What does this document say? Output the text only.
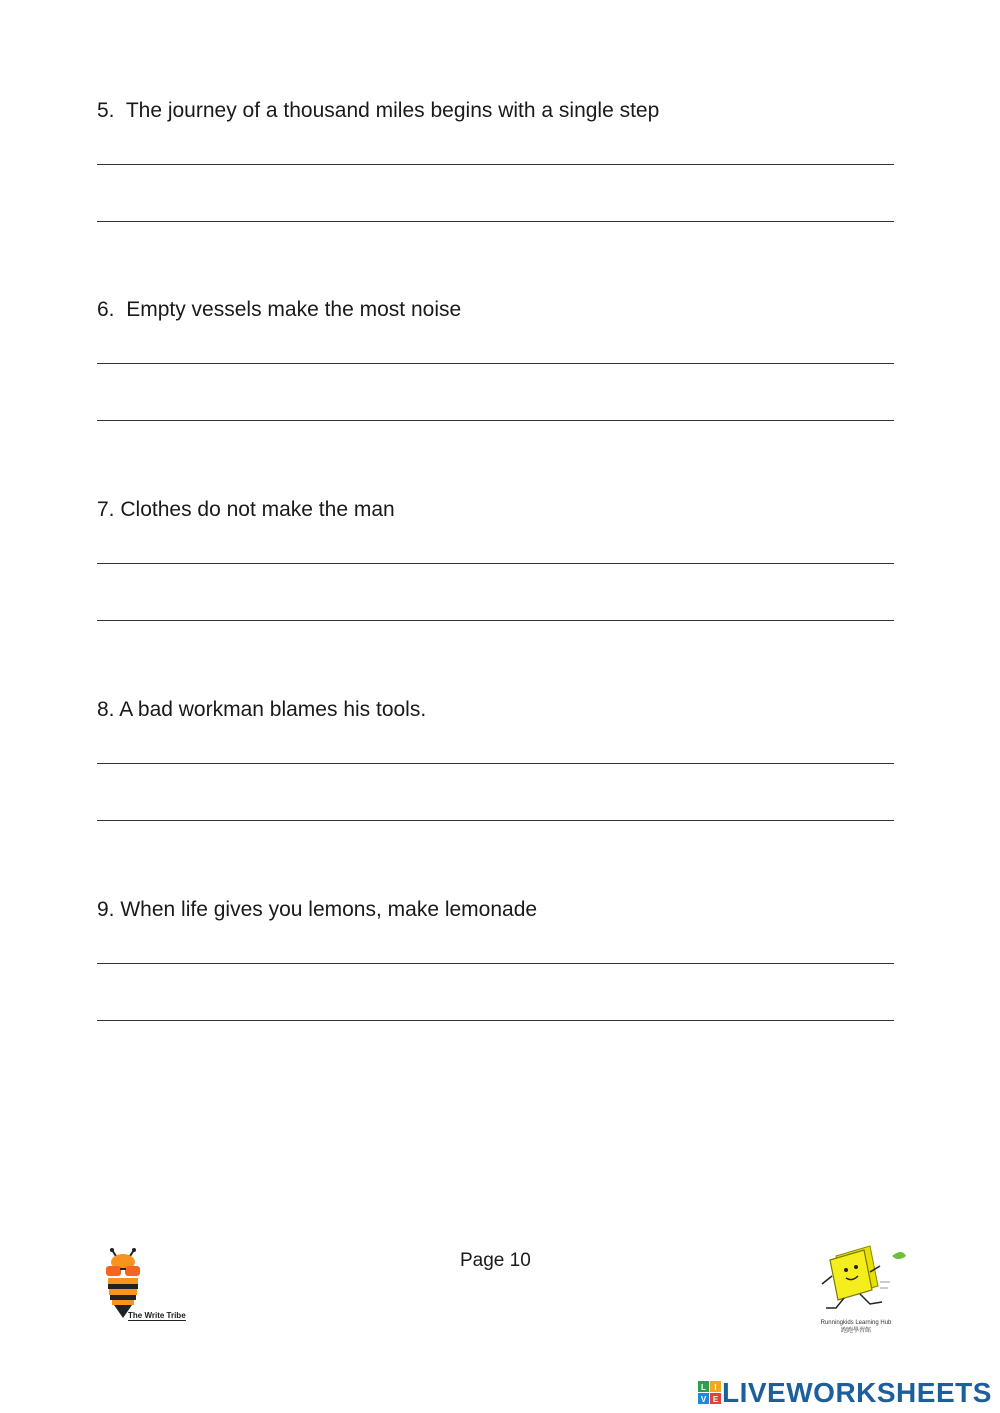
5.  The journey of a thousand miles begins with a single step

6.  Empty vessels make the most noise

7. Clothes do not make the man

8. A bad workman blames his tools.

9. When life gives you lemons, make lemonade

The Write Tribe
Page 10
Runningkids Learning Hub
跑跑學習館
L I
V E LIVEWORKSHEETS
